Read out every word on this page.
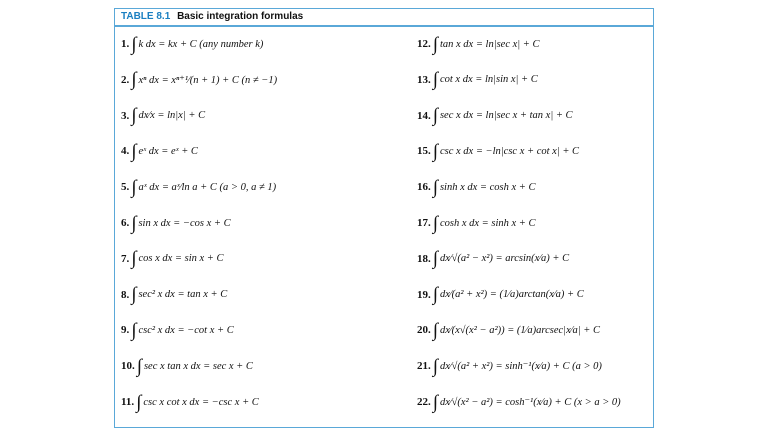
TABLE 8.1 Basic integration formulas
1. ∫ k dx = kx + C (any number k)
2. ∫ xⁿ dx = xⁿ⁺¹⁄(n + 1) + C (n ≠ −1)
3. ∫ dx⁄x = ln|x| + C
4. ∫ eˣ dx = eˣ + C
5. ∫ aˣ dx = aˣ⁄ln a + C (a > 0, a ≠ 1)
6. ∫ sin x dx = −cos x + C
7. ∫ cos x dx = sin x + C
8. ∫ sec² x dx = tan x + C
9. ∫ csc² x dx = −cot x + C
10. ∫ sec x tan x dx = sec x + C
11. ∫ csc x cot x dx = −csc x + C
12. ∫ tan x dx = ln|sec x| + C
13. ∫ cot x dx = ln|sin x| + C
14. ∫ sec x dx = ln|sec x + tan x| + C
15. ∫ csc x dx = −ln|csc x + cot x| + C
16. ∫ sinh x dx = cosh x + C
17. ∫ cosh x dx = sinh x + C
18. ∫ dx⁄√(a² − x²) = arcsin(x⁄a) + C
19. ∫ dx⁄(a² + x²) = (1⁄a)arctan(x⁄a) + C
20. ∫ dx⁄(x√(x² − a²)) = (1⁄a)arcsec|x⁄a| + C
21. ∫ dx⁄√(a² + x²) = sinh⁻¹(x⁄a) + C (a > 0)
22. ∫ dx⁄√(x² − a²) = cosh⁻¹(x⁄a) + C (x > a > 0)
